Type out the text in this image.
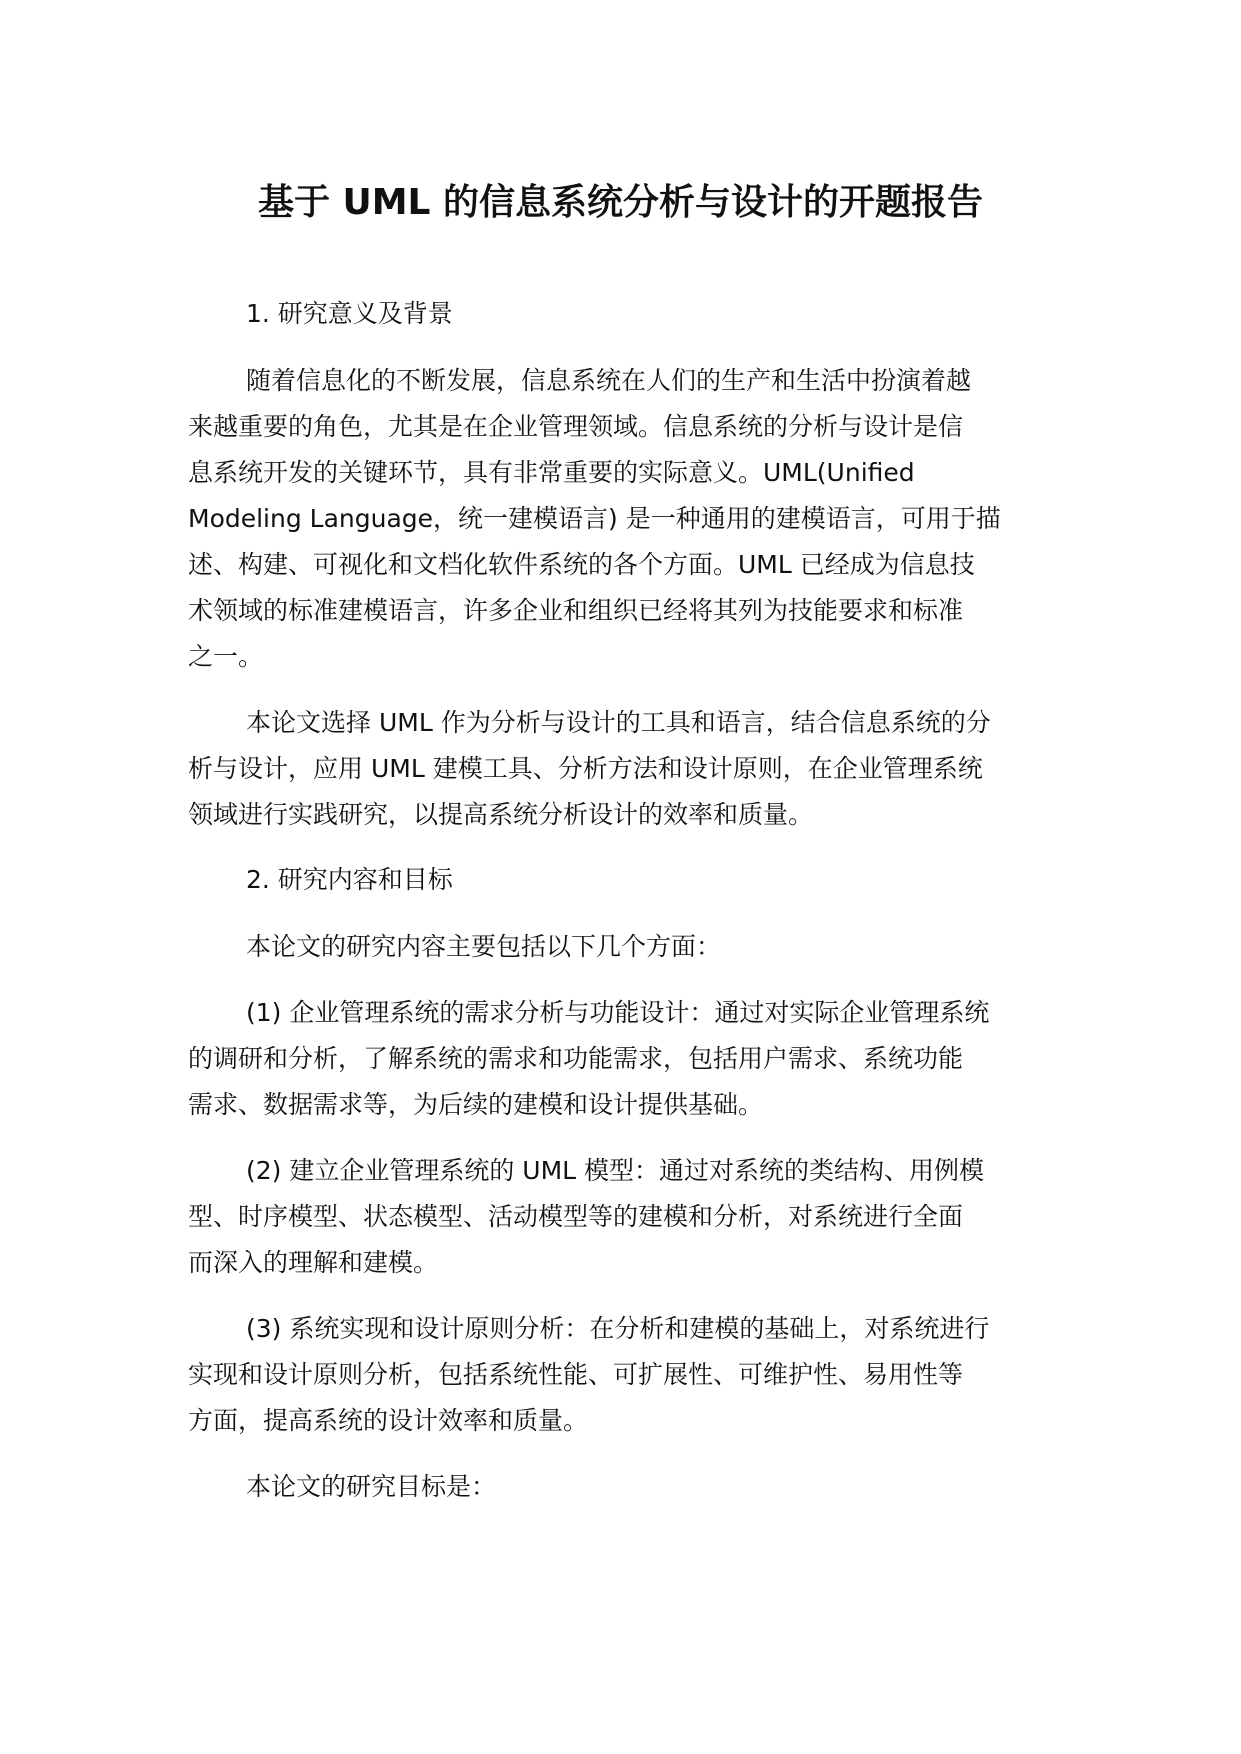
基于 UML 的信息系统分析与设计的开题报告

1. 研究意义及背景

随着信息化的不断发展，信息系统在人们的生产和生活中扮演着越
来越重要的角色，尤其是在企业管理领域。信息系统的分析与设计是信
息系统开发的关键环节，具有非常重要的实际意义。UML(Unified
Modeling Language，统一建模语言) 是一种通用的建模语言，可用于描
述、构建、可视化和文档化软件系统的各个方面。UML 已经成为信息技
术领域的标准建模语言，许多企业和组织已经将其列为技能要求和标准
之一。

本论文选择 UML 作为分析与设计的工具和语言，结合信息系统的分
析与设计，应用 UML 建模工具、分析方法和设计原则，在企业管理系统
领域进行实践研究，以提高系统分析设计的效率和质量。

2. 研究内容和目标

本论文的研究内容主要包括以下几个方面：

(1) 企业管理系统的需求分析与功能设计：通过对实际企业管理系统
的调研和分析，了解系统的需求和功能需求，包括用户需求、系统功能
需求、数据需求等，为后续的建模和设计提供基础。

(2) 建立企业管理系统的 UML 模型：通过对系统的类结构、用例模
型、时序模型、状态模型、活动模型等的建模和分析，对系统进行全面
而深入的理解和建模。

(3) 系统实现和设计原则分析：在分析和建模的基础上，对系统进行
实现和设计原则分析，包括系统性能、可扩展性、可维护性、易用性等
方面，提高系统的设计效率和质量。

本论文的研究目标是：
